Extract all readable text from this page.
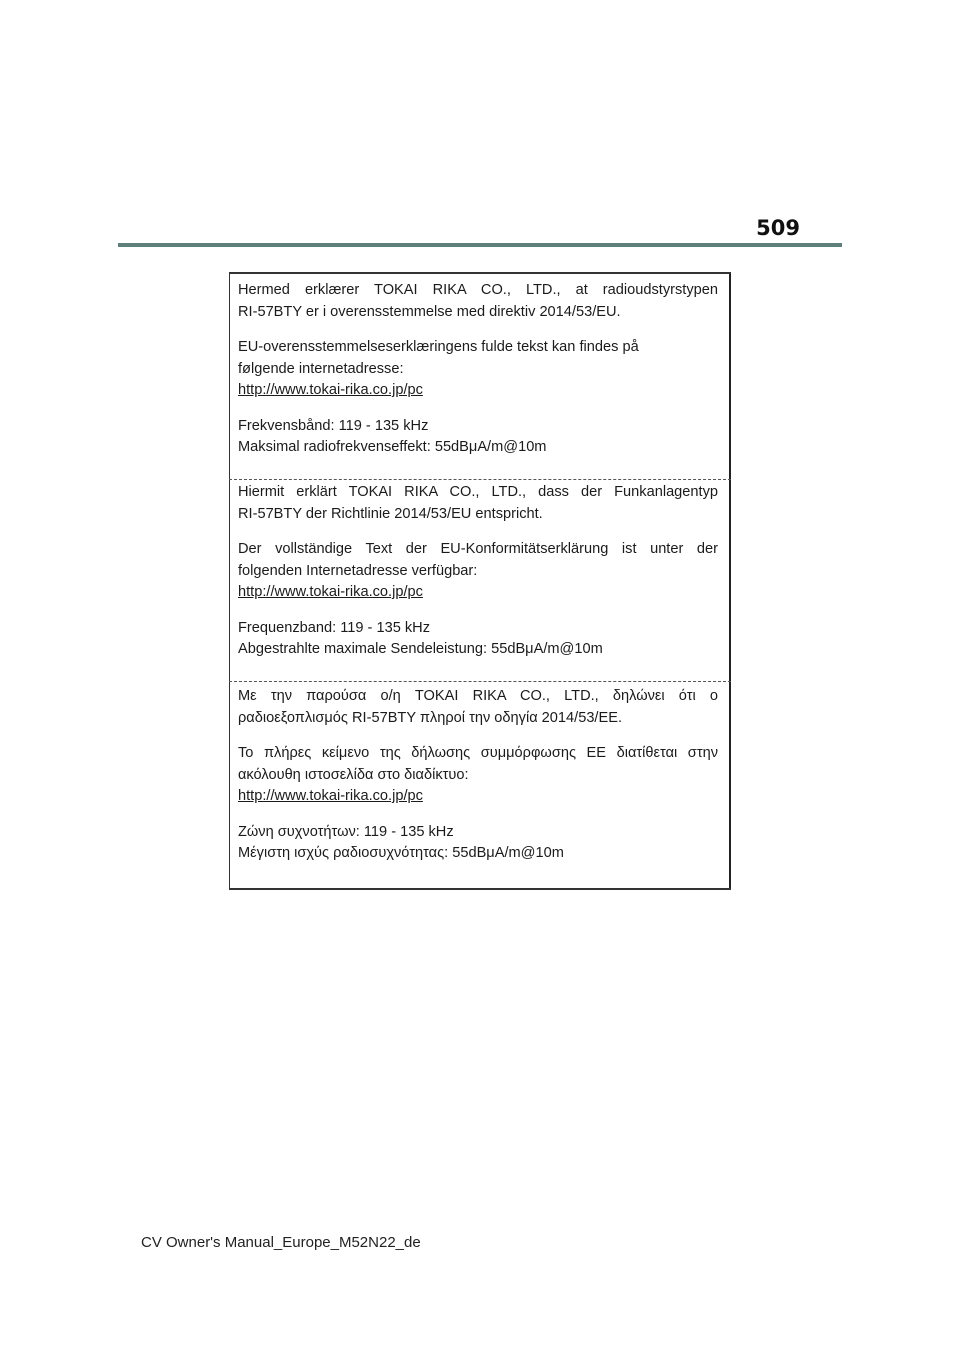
509

Hermed erklærer TOKAI RIKA CO., LTD., at radioudstyrstypen
RI-57BTY er i overensstemmelse med direktiv 2014/53/EU.

EU-overensstemmelseserklæringens fulde tekst kan findes på
følgende internetadresse:
http://www.tokai-rika.co.jp/pc

Frekvensbånd: 119 - 135 kHz
Maksimal radiofrekvenseffekt: 55dBμA/m@10m

Hiermit erklärt TOKAI RIKA CO., LTD., dass der Funkanlagentyp
RI-57BTY der Richtlinie 2014/53/EU entspricht.

Der vollständige Text der EU-Konformitätserklärung ist unter der
folgenden Internetadresse verfügbar:
http://www.tokai-rika.co.jp/pc

Frequenzband: 119 - 135 kHz
Abgestrahlte maximale Sendeleistung: 55dBμA/m@10m

Με την παρούσα ο/η TOKAI RIKA CO., LTD., δηλώνει ότι ο
ραδιοεξοπλισμός RI-57BTY πληροί την οδηγία 2014/53/ΕΕ.

Το πλήρες κείμενο της δήλωσης συμμόρφωσης ΕΕ διατίθεται στην
ακόλουθη ιστοσελίδα στο διαδίκτυο:
http://www.tokai-rika.co.jp/pc

Ζώνη συχνοτήτων: 119 - 135 kHz
Μέγιστη ισχύς ραδιοσυχνότητας: 55dBμA/m@10m

CV Owner's Manual_Europe_M52N22_de
